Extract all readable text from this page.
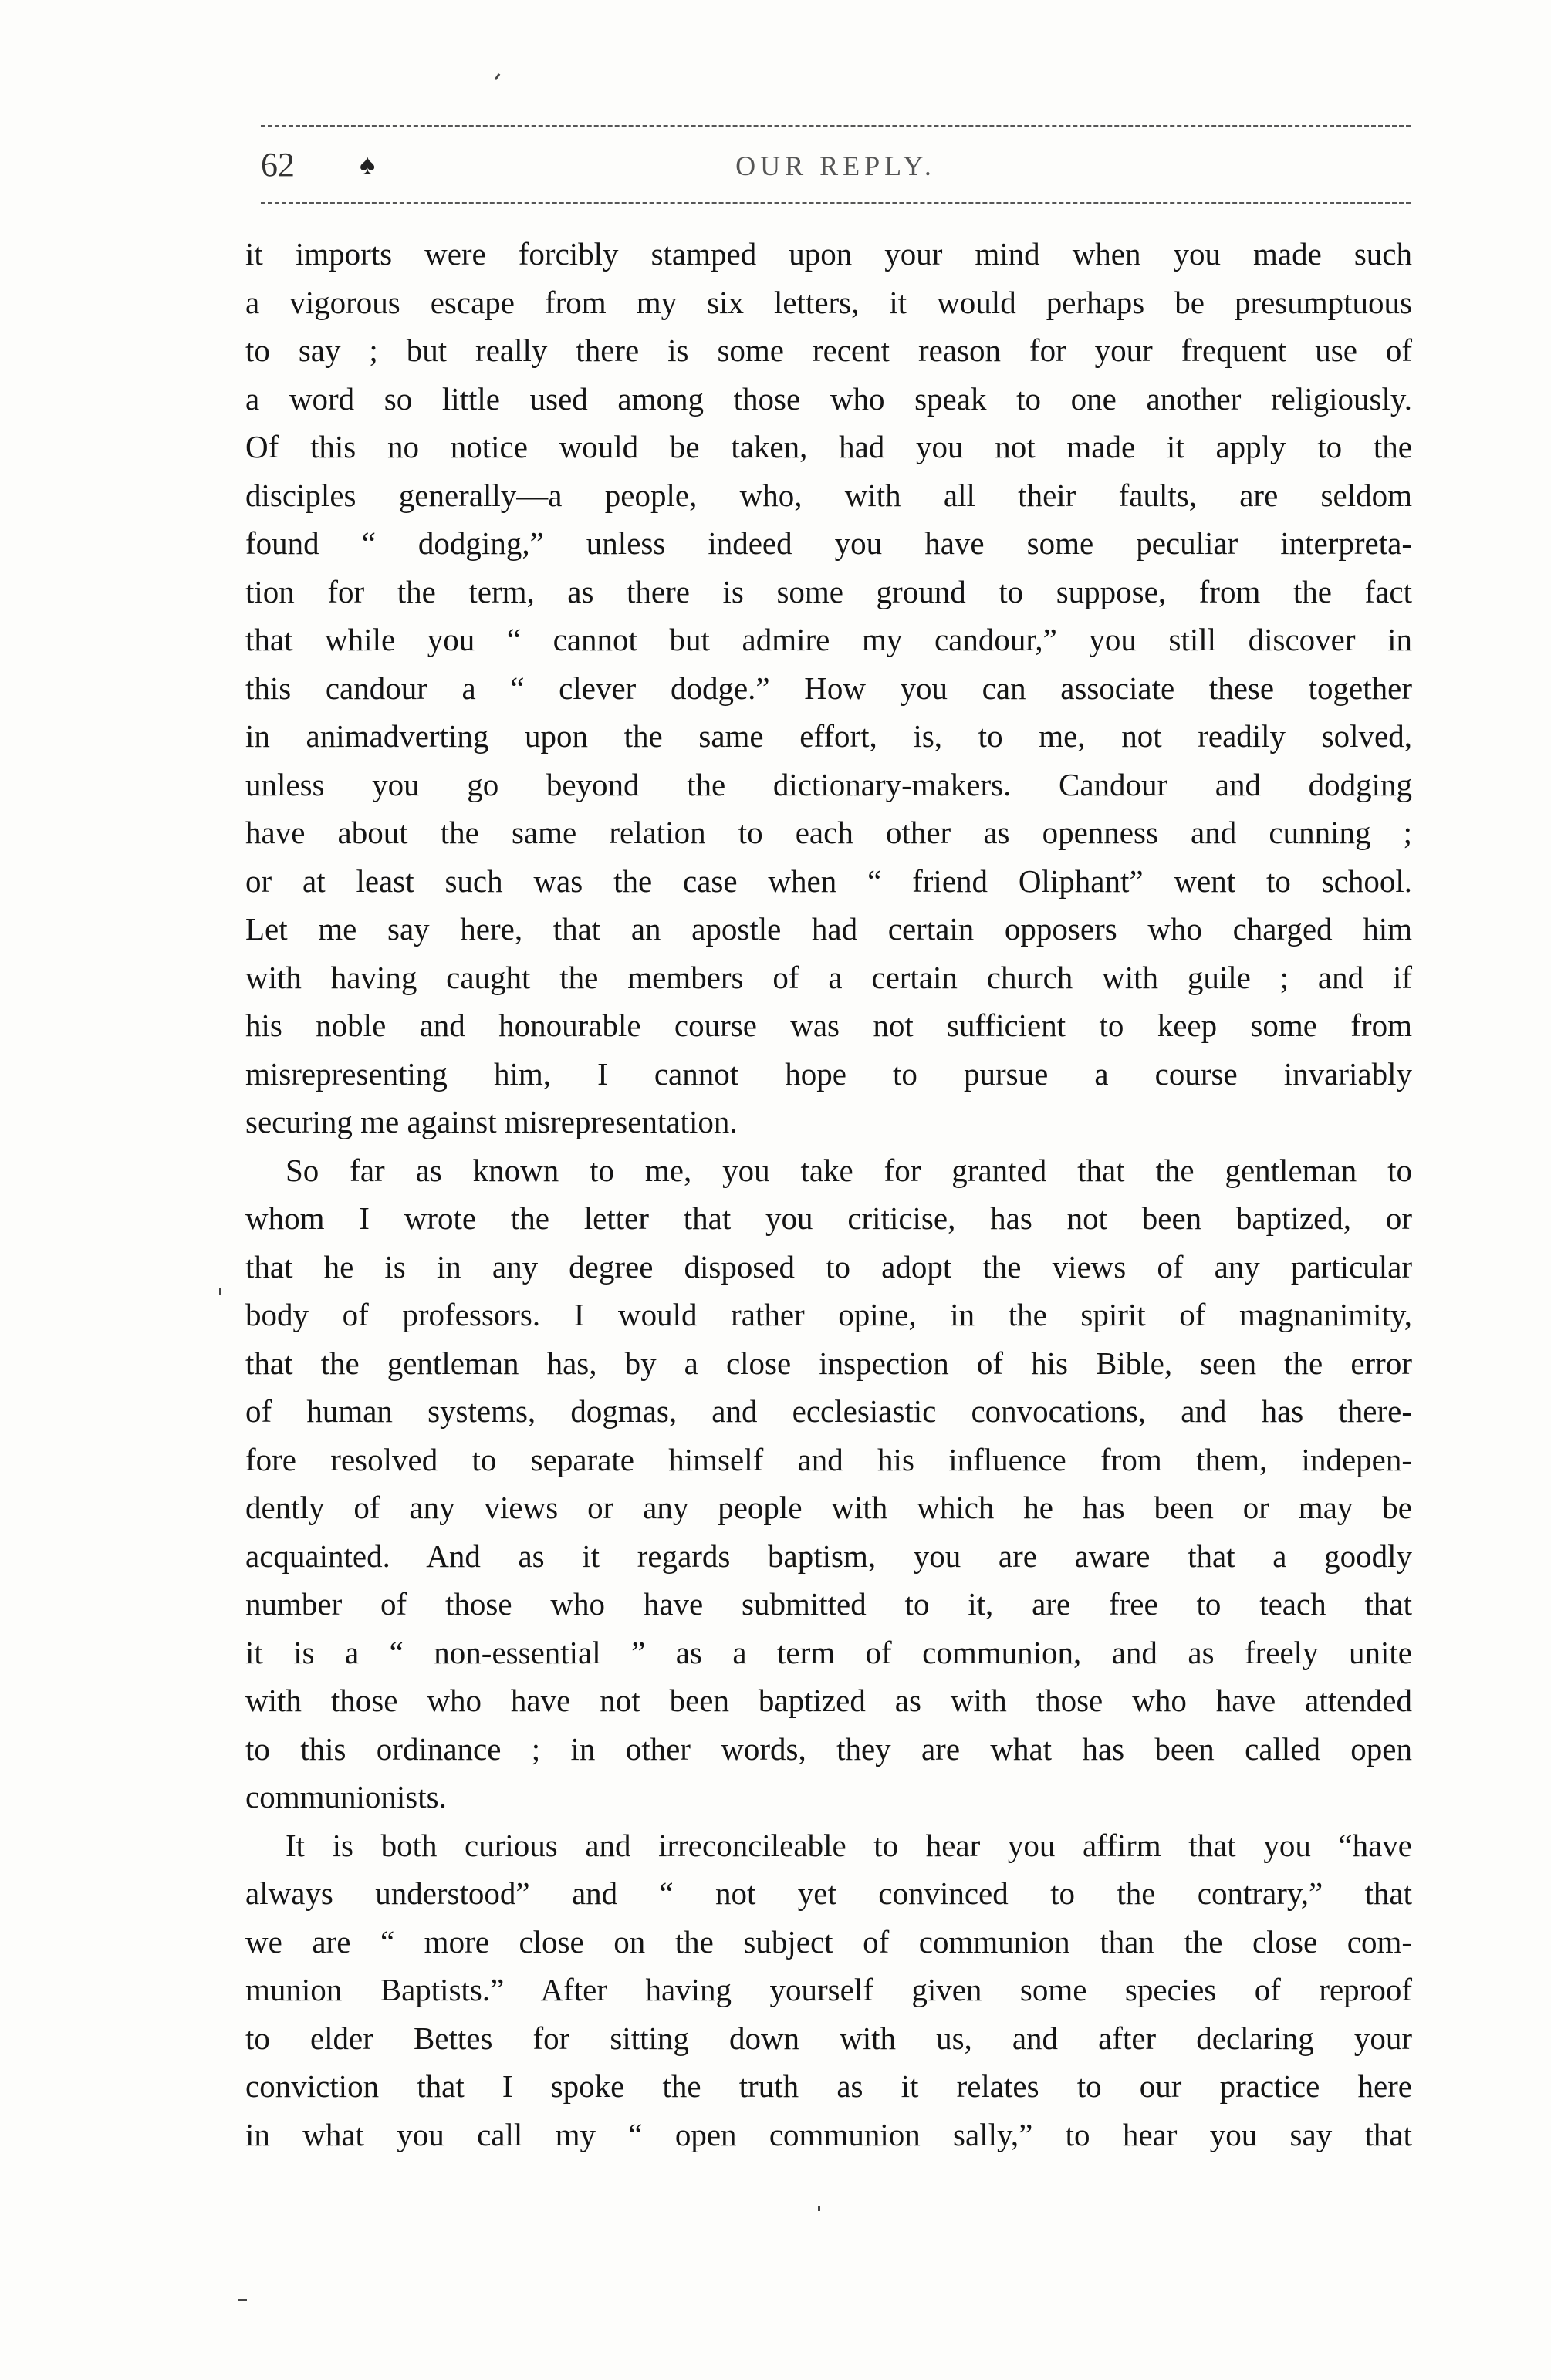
62 ♠	OUR REPLY.
it imports were forcibly stamped upon your mind when you made such
a vigorous escape from my six letters, it would perhaps be presumptuous
to say ; but really there is some recent reason for your frequent use of
a word so little used among those who speak to one another religiously.
Of this no notice would be taken, had you not made it apply to the
disciples generally—a people, who, with all their faults, are seldom
found “ dodging,” unless indeed you have some peculiar interpreta-
tion for the term, as there is some ground to suppose, from the fact
that while you “ cannot but admire my candour,” you still discover in
this candour a “ clever dodge.” How you can associate these together
in animadverting upon the same effort, is, to me, not readily solved,
unless you go beyond the dictionary-makers. Candour and dodging
have about the same relation to each other as openness and cunning ;
or at least such was the case when “ friend Oliphant” went to school.
Let me say here, that an apostle had certain opposers who charged him
with having caught the members of a certain church with guile ; and if
his noble and honourable course was not sufficient to keep some from
misrepresenting him, I cannot hope to pursue a course invariably
securing me against misrepresentation.
So far as known to me, you take for granted that the gentleman to
whom I wrote the letter that you criticise, has not been baptized, or
that he is in any degree disposed to adopt the views of any particular
body of professors. I would rather opine, in the spirit of magnanimity,
that the gentleman has, by a close inspection of his Bible, seen the error
of human systems, dogmas, and ecclesiastic convocations, and has there-
fore resolved to separate himself and his influence from them, indepen-
dently of any views or any people with which he has been or may be
acquainted. And as it regards baptism, you are aware that a goodly
number of those who have submitted to it, are free to teach that
it is a “ non-essential ” as a term of communion, and as freely unite
with those who have not been baptized as with those who have attended
to this ordinance ; in other words, they are what has been called open
communionists.
It is both curious and irreconcileable to hear you affirm that you “have
always understood” and “ not yet convinced to the contrary,” that
we are “ more close on the subject of communion than the close com-
munion Baptists.” After having yourself given some species of reproof
to elder Bettes for sitting down with us, and after declaring your
conviction that I spoke the truth as it relates to our practice here
in what you call my “ open communion sally,” to hear you say that
